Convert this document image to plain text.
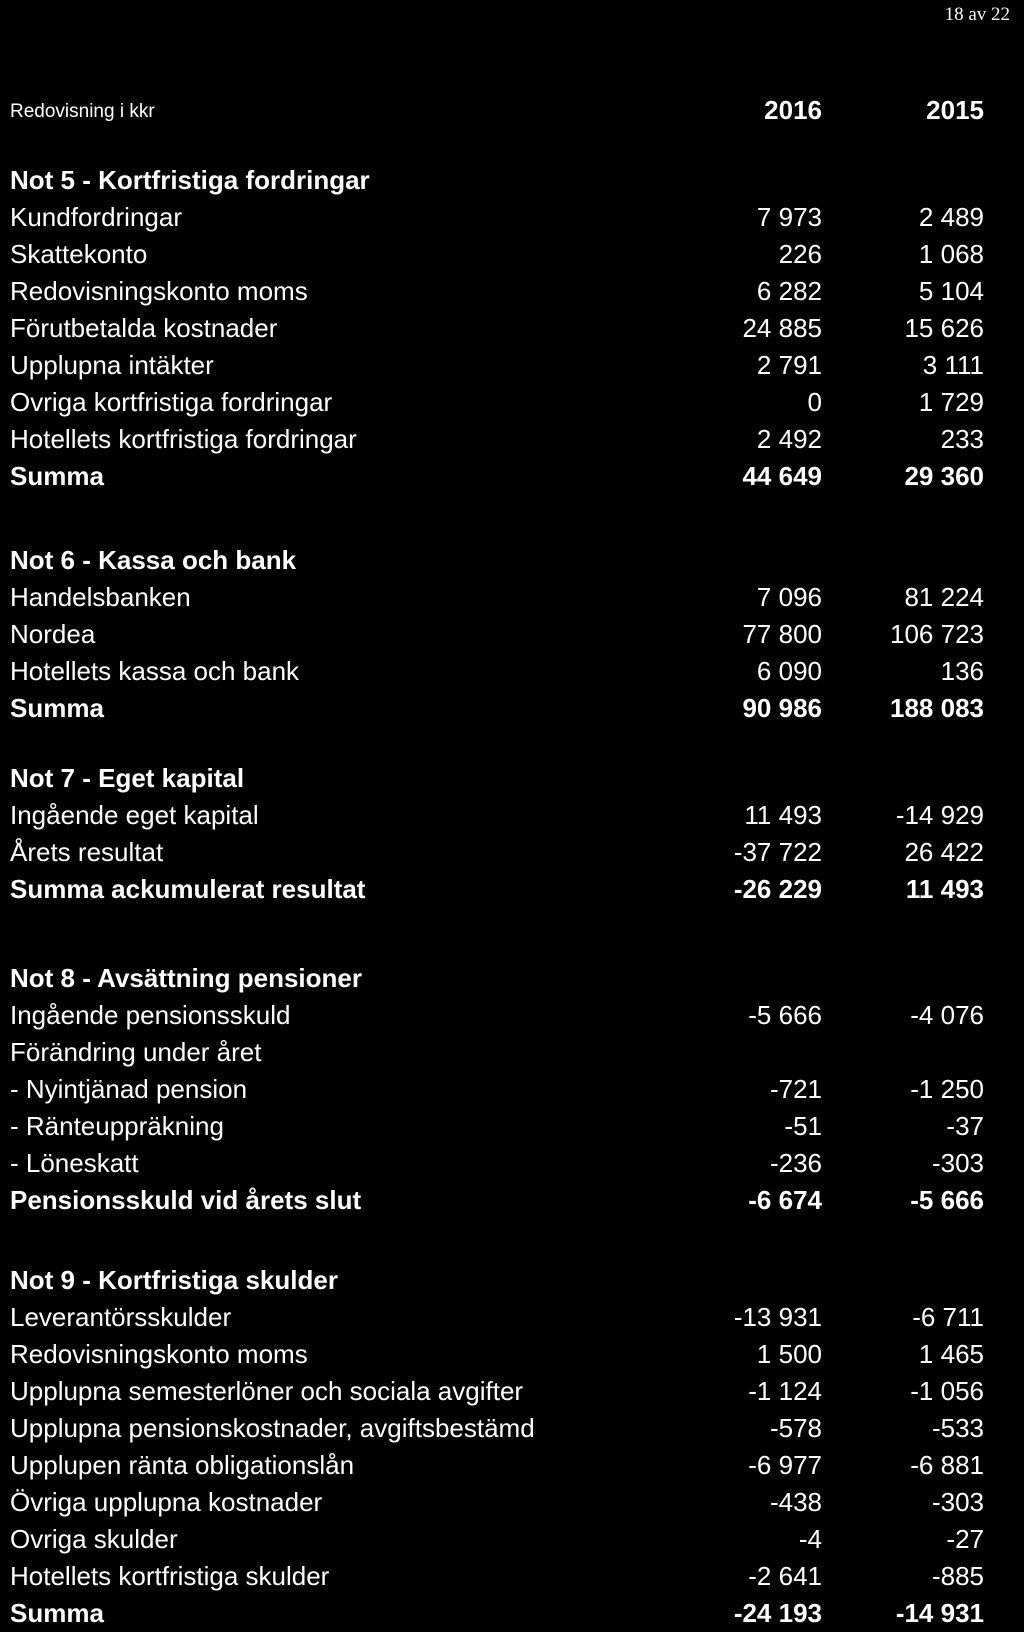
18 av 22
Redovisning i kkr	2016	2015
Not 5 - Kortfristiga fordringar
Kundfordringar	7 973	2 489
Skattekonto	226	1 068
Redovisningskonto moms	6 282	5 104
Förutbetalda kostnader	24 885	15 626
Upplupna intäkter	2 791	3 111
Ovriga kortfristiga fordringar	0	1 729
Hotellets kortfristiga fordringar	2 492	233
Summa	44 649	29 360
Not 6 - Kassa och bank
Handelsbanken	7 096	81 224
Nordea	77 800	106 723
Hotellets kassa och bank	6 090	136
Summa	90 986	188 083
Not 7 - Eget kapital
Ingående eget kapital	11 493	-14 929
Årets resultat	-37 722	26 422
Summa ackumulerat resultat	-26 229	11 493
Not 8 - Avsättning pensioner
Ingående pensionsskuld	-5 666	-4 076
Förändring under året
- Nyintjänad pension	-721	-1 250
- Ränteuppräkning	-51	-37
- Löneskatt	-236	-303
Pensionsskuld vid årets slut	-6 674	-5 666
Not 9 - Kortfristiga skulder
Leverantörsskulder	-13 931	-6 711
Redovisningskonto moms	1 500	1 465
Upplupna semesterlöner och sociala avgifter	-1 124	-1 056
Upplupna pensionskostnader, avgiftsbestämd	-578	-533
Upplupen ränta obligationslån	-6 977	-6 881
Övriga upplupna kostnader	-438	-303
Ovriga skulder	-4	-27
Hotellets kortfristiga skulder	-2 641	-885
Summa	-24 193	-14 931
